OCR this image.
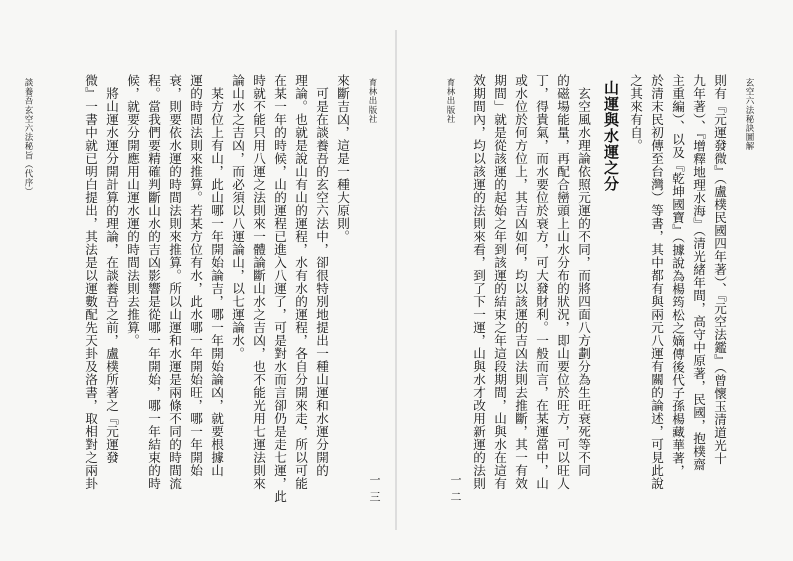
談養吾玄空六法秘旨（代序）	育林出版社
一三
來斷吉凶，這是一種大原則。
　可是在談養吾的玄空六法中，卻很特別地提出一種山運和水運分開的
理論。也就是說山有山的運程，水有水的運程，各自分開來走，所以可能
在某一年的時候，山的運程已進入八運了，可是對水而言卻仍是走七運，此
時就不能只用八運之法則來一體論斷山水之吉凶，也不能光用七運法則來
論山水之吉凶，而必須以八運論山，以七運論水。
　某方位上有山，此山哪一年開始論吉，哪一年開始論凶，就要根據山
運的時間法則來推算。若某方位有水，此水哪一年開始旺，哪一年開始
衰，則要依水運的時間法則來推算。所以山運和水運是兩條不同的時間流
程。當我們要精確判斷山水的吉凶影響是從哪一年開始，哪一年結束的時
候，就要分開應用山運水運的時間法則去推算。
　將山運水運分開計算的理論，在談養吾之前，盧樸所著之『元運發
微』一書中就已明白提出，其法是以運數配先天卦及洛書，取相對之兩卦	玄空六法秘訣圖解
育林出版社
一二
則有『元運發微』（盧樸民國四年著）、『元空法鑑』（曾懷玉清道光十
九年著）、『增釋地理水海』（清光緒年間，高守中原著，民國，抱樸齋
主重編）、以及『乾坤國寶』（據說為楊筠松之嫡傳後代子孫楊藏華著，
於清末民初傳至台灣）等書，其中都有與兩元八運有關的論述，可見此說
之其來有自。
山運與水運之分
　玄空風水理論依照元運的不同，而將四面八方劃分為生旺衰死等不同
的磁場能量，再配合巒頭上山水分布的狀況，即山要位於旺方，可以旺人
丁，得貴氣，而水要位於衰方，可大發財利。一般而言，在某運當中，山
或水位於何方位上，其吉凶如何，均以該運的吉凶法則去推斷，其一有效
期間」就是從該運的起始之年到該運的結束之年這段期間，山與水在這有
效期間內，均以該運的法則來看，到了下一運，山與水才改用新運的法則
